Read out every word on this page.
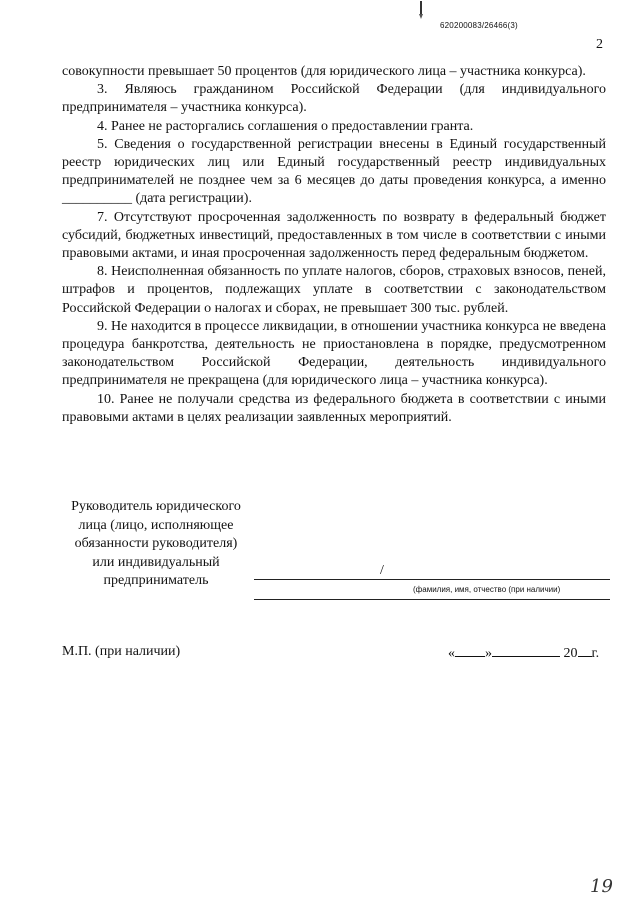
620200083/26466(3)
2

совокупности превышает 50 процентов (для юридического лица – участника конкурса).

3. Являюсь гражданином Российской Федерации (для индивидуального предпринимателя – участника конкурса).

4. Ранее не расторгались соглашения о предоставлении гранта.

5. Сведения о государственной регистрации внесены в Единый государственный реестр юридических лиц или Единый государственный реестр индивидуальных предпринимателей не позднее чем за 6 месяцев до даты проведения конкурса, а именно __________ (дата регистрации).

7. Отсутствуют просроченная задолженность по возврату в федеральный бюджет субсидий, бюджетных инвестиций, предоставленных в том числе в соответствии с иными правовыми актами, и иная просроченная задолженность перед федеральным бюджетом.

8. Неисполненная обязанность по уплате налогов, сборов, страховых взносов, пеней, штрафов и процентов, подлежащих уплате в соответствии с законодательством Российской Федерации о налогах и сборах, не превышает 300 тыс. рублей.

9. Не находится в процессе ликвидации, в отношении участника конкурса не введена процедура банкротства, деятельность не приостановлена в порядке, предусмотренном законодательством Российской Федерации, деятельность индивидуального предпринимателя не прекращена (для юридического лица – участника конкурса).

10. Ранее не получали средства из федерального бюджета в соответствии с иными правовыми актами в целях реализации заявленных мероприятий.

Руководитель юридического
лица (лицо, исполняющее
обязанности руководителя)
или индивидуальный
предприниматель
/
(фамилия, имя, отчество (при наличии)
М.П. (при наличии)	« »	20 г.
19
